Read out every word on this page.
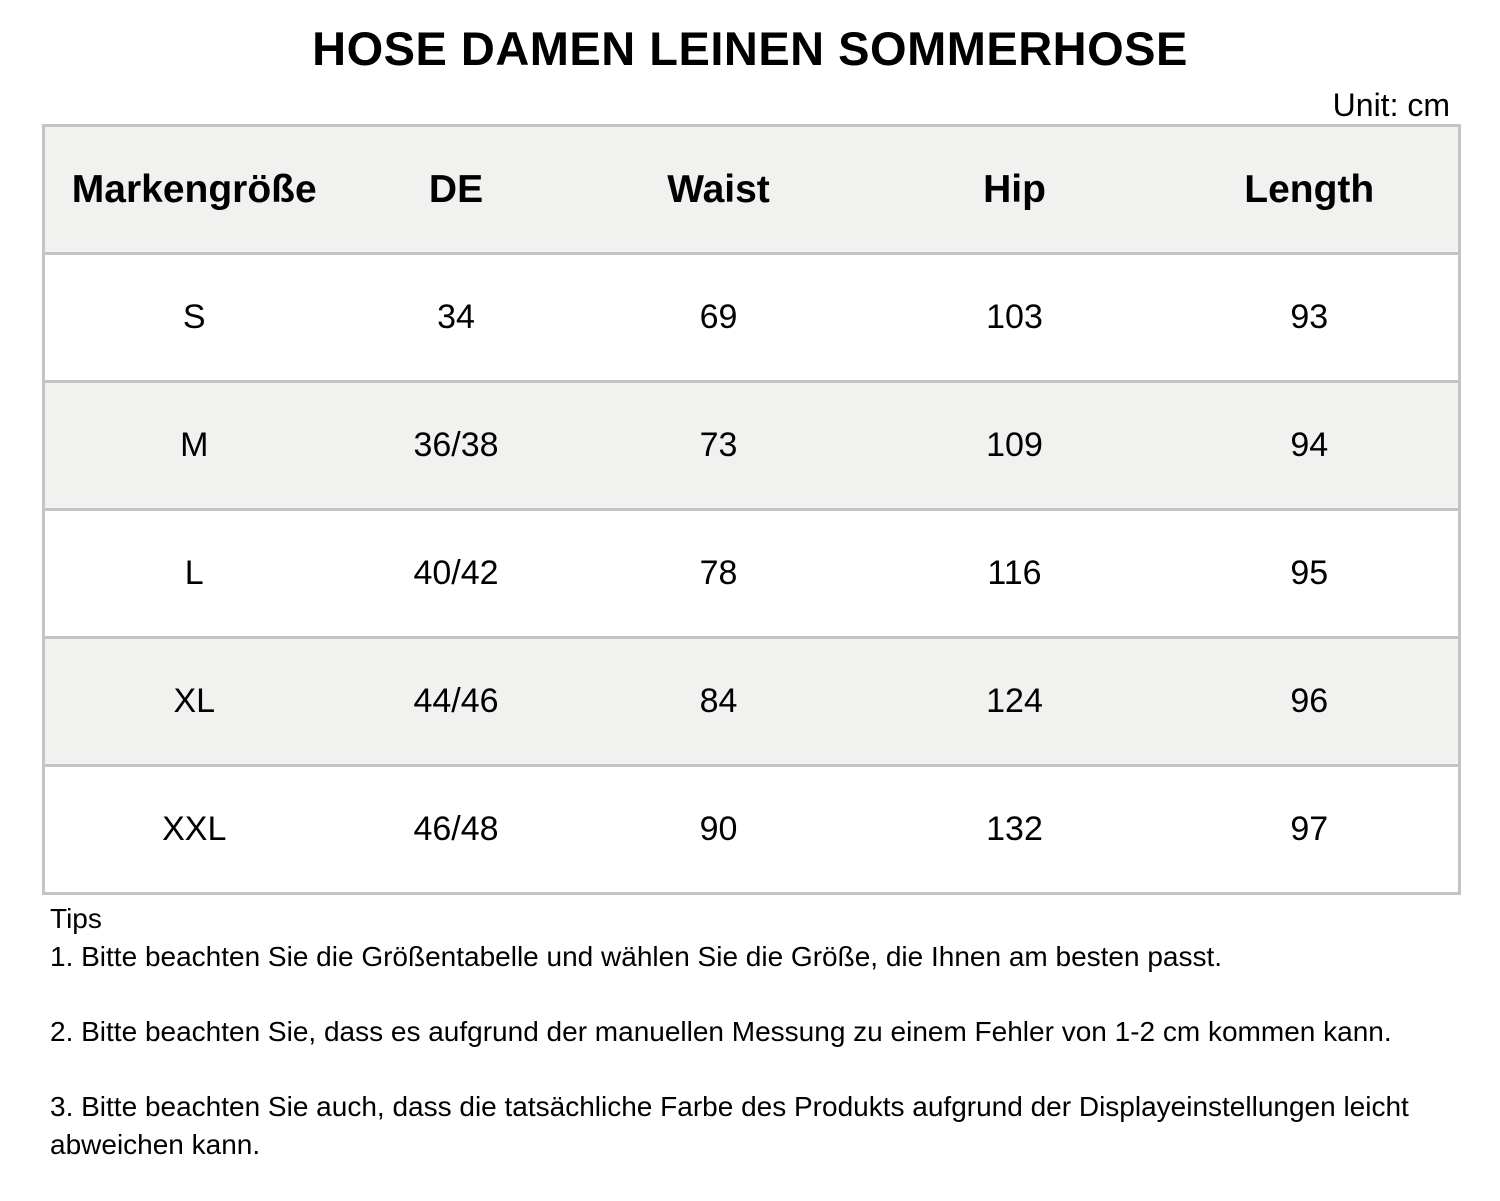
HOSE DAMEN LEINEN SOMMERHOSE
Unit: cm
Markengröße	DE	Waist	Hip	Length
S	34	69	103	93
M	36/38	73	109	94
L	40/42	78	116	95
XL	44/46	84	124	96
XXL	46/48	90	132	97

Tips

1. Bitte beachten Sie die Größentabelle und wählen Sie die Größe, die Ihnen am besten passt.

2. Bitte beachten Sie, dass es aufgrund der manuellen Messung zu einem Fehler von 1-2 cm kommen kann.

3. Bitte beachten Sie auch, dass die tatsächliche Farbe des Produkts aufgrund der Displayeinstellungen leicht abweichen kann.
